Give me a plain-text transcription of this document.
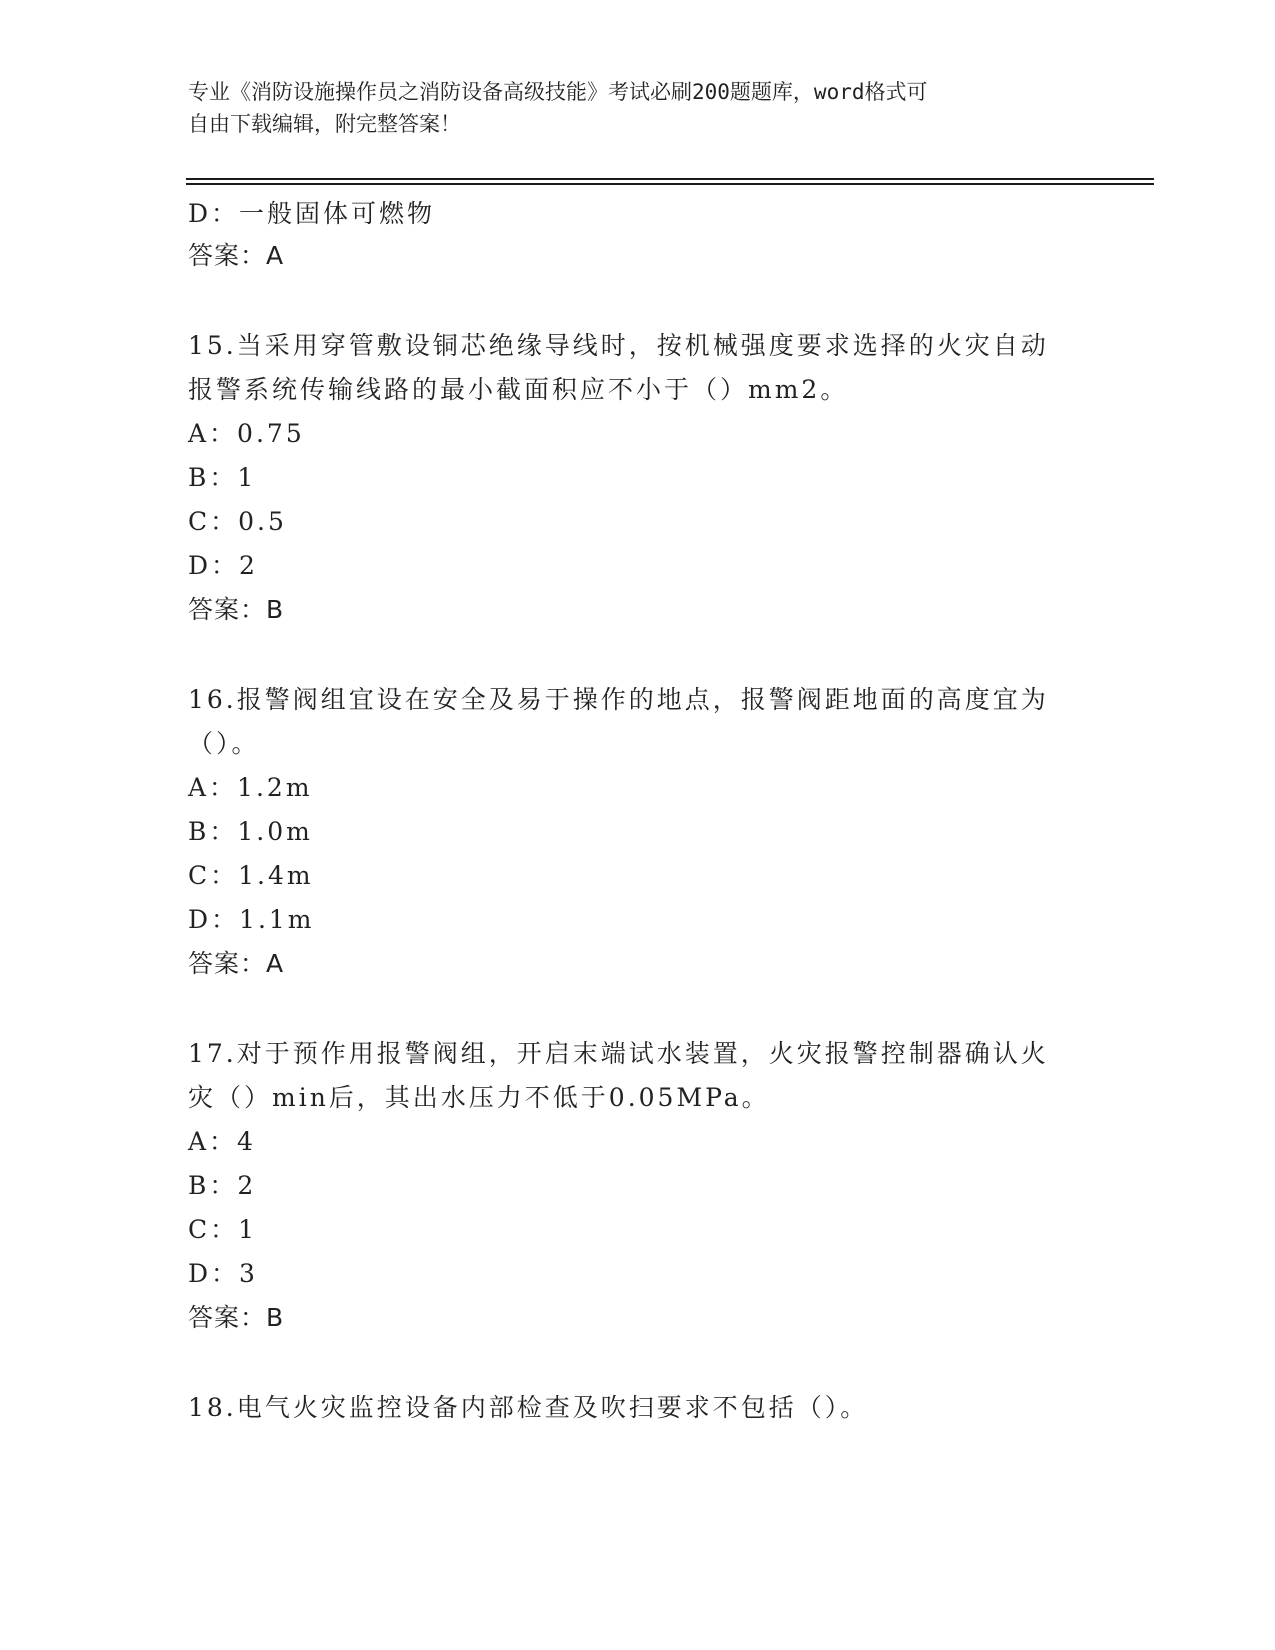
专业《消防设施操作员之消防设备高级技能》考试必刷200题题库，word格式可
自由下载编辑，附完整答案！
D：一般固体可燃物
答案：A
15.当采用穿管敷设铜芯绝缘导线时，按机械强度要求选择的火灾自动
报警系统传输线路的最小截面积应不小于（）mm2。
A：0.75
B：1
C：0.5
D：2
答案：B
16.报警阀组宜设在安全及易于操作的地点，报警阀距地面的高度宜为
（）。
A：1.2m
B：1.0m
C：1.4m
D：1.1m
答案：A
17.对于预作用报警阀组，开启末端试水装置，火灾报警控制器确认火
灾（）min后，其出水压力不低于0.05MPa。
A：4
B：2
C：1
D：3
答案：B
18.电气火灾监控设备内部检查及吹扫要求不包括（）。
